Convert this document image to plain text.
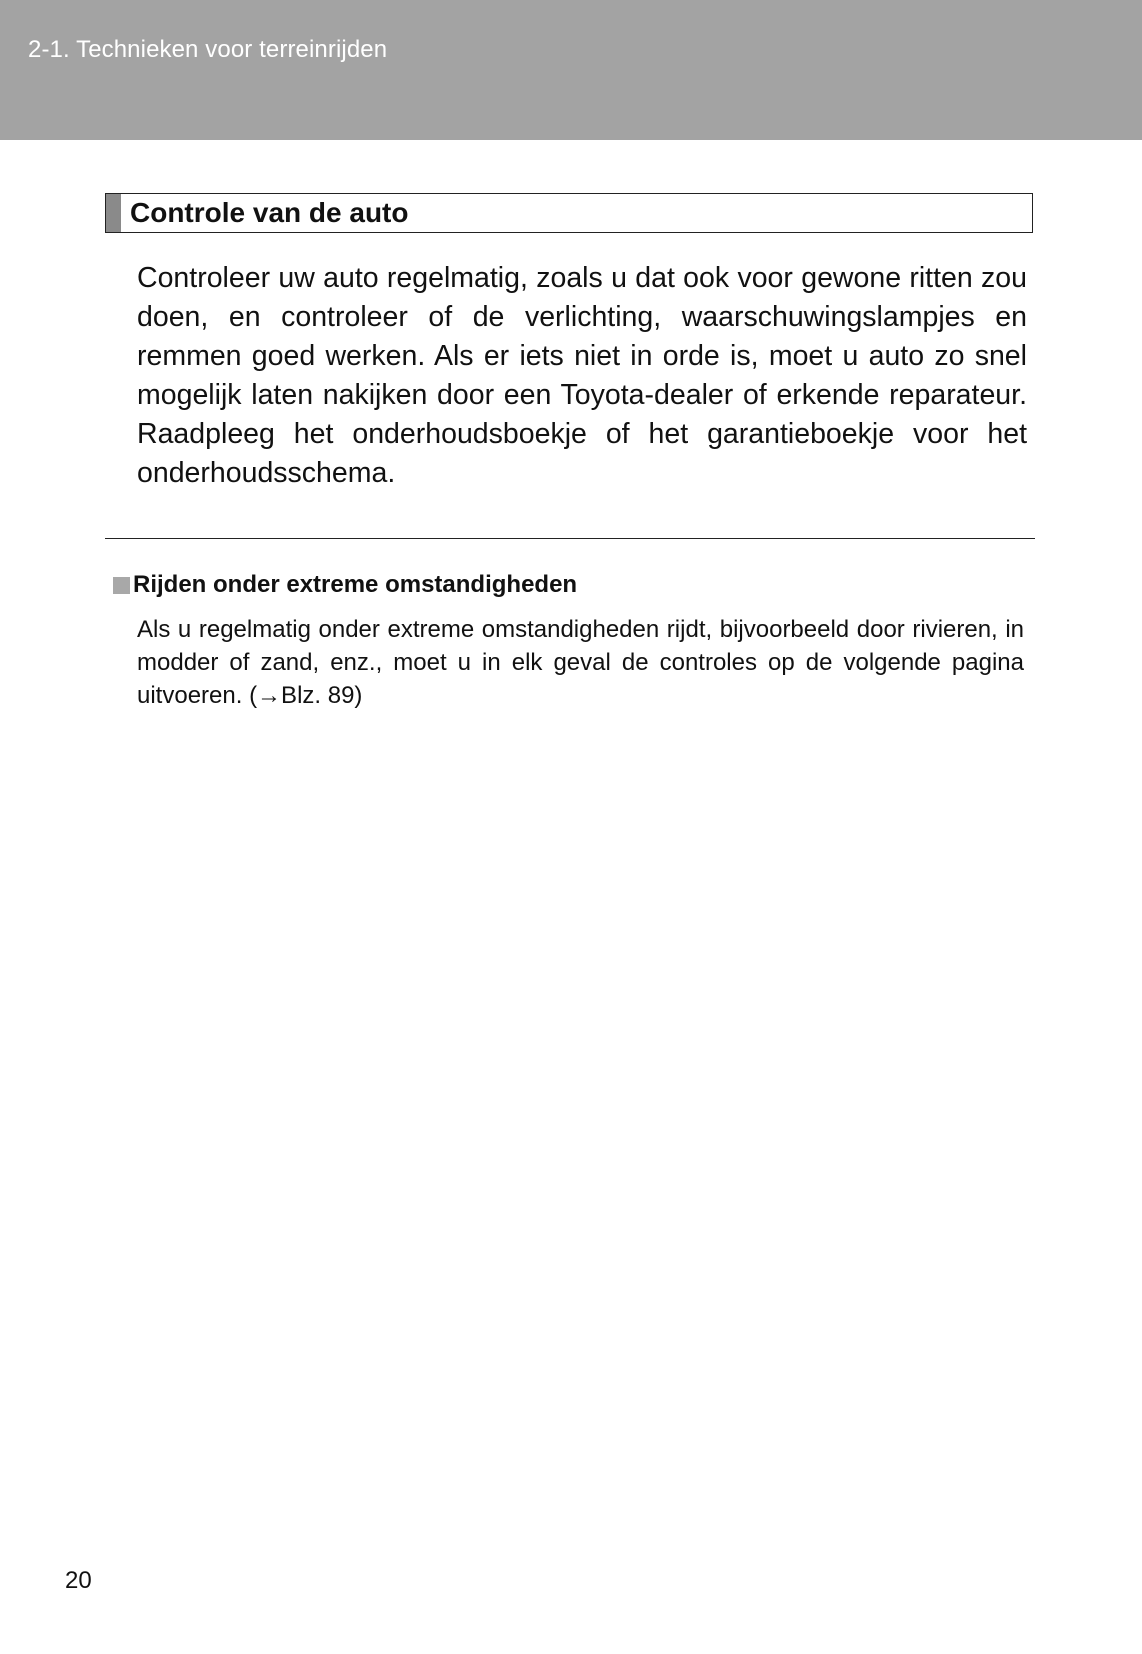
2-1. Technieken voor terreinrijden
Controle van de auto

Controleer uw auto regelmatig, zoals u dat ook voor gewone ritten zou doen, en controleer of de verlichting, waarschuwingslampjes en remmen goed werken. Als er iets niet in orde is, moet u auto zo snel mogelijk laten nakijken door een Toyota-dealer of erkende reparateur. Raadpleeg het onderhoudsboekje of het garantieboekje voor het onderhoudsschema.

Rijden onder extreme omstandigheden

Als u regelmatig onder extreme omstandigheden rijdt, bijvoorbeeld door rivieren, in modder of zand, enz., moet u in elk geval de controles op de volgende pagina uitvoeren. (→Blz. 89)

20
